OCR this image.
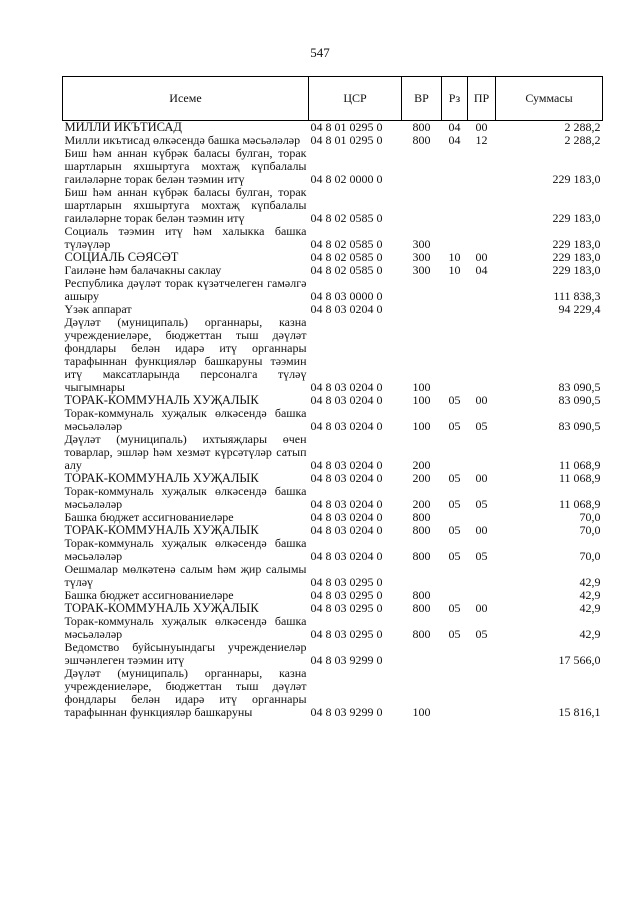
547
Исеме	ЦСР	ВР	Рз	ПР	Суммасы
МИЛЛИ ИКЪТИСАД	04 8 01 0295 0	800	04	00	2 288,2
Милли икътисад өлкәсендә башка мәсьәләләр	04 8 01 0295 0	800	04	12	2 288,2
Биш һәм аннан күбрәк баласы булган, торак шартларын яхшыртуга мохтаҗ күпбалалы гаиләләрне торак белән тәэмин итү	04 8 02 0000 0				229 183,0
Биш һәм аннан күбрәк баласы булган, торак шартларын яхшыртуга мохтаҗ күпбалалы гаиләләрне торак белән тәэмин итү	04 8 02 0585 0				229 183,0
Социаль тәэмин итү һәм халыкка башка түләүләр	04 8 02 0585 0	300			229 183,0
СОЦИАЛЬ СӘЯСӘТ	04 8 02 0585 0	300	10	00	229 183,0
Гаиләне һәм балачакны саклау	04 8 02 0585 0	300	10	04	229 183,0
Республика дәүләт торак күзәтчелеген гамәлгә ашыру	04 8 03 0000 0				111 838,3
Үзәк аппарат	04 8 03 0204 0				94 229,4
Дәүләт (муниципаль) органнары, казна учреждениеләре, бюджеттан тыш дәүләт фондлары белән идарә итү органнары тарафыннан функцияләр башкаруны тәэмин итү максатларында персоналга түләү чыгымнары	04 8 03 0204 0	100			83 090,5
ТОРАК-КОММУНАЛЬ ХУҖАЛЫК	04 8 03 0204 0	100	05	00	83 090,5
Торак-коммуналь хуҗалык өлкәсендә башка мәсьәләләр	04 8 03 0204 0	100	05	05	83 090,5
Дәүләт (муниципаль) ихтыяҗлары өчен товарлар, эшләр һәм хезмәт күрсәтүләр сатып алу	04 8 03 0204 0	200			11 068,9
ТОРАК-КОММУНАЛЬ ХУҖАЛЫК	04 8 03 0204 0	200	05	00	11 068,9
Торак-коммуналь хуҗалык өлкәсендә башка мәсьәләләр	04 8 03 0204 0	200	05	05	11 068,9
Башка бюджет ассигнованиеләре	04 8 03 0204 0	800			70,0
ТОРАК-КОММУНАЛЬ ХУҖАЛЫК	04 8 03 0204 0	800	05	00	70,0
Торак-коммуналь хуҗалык өлкәсендә башка мәсьәләләр	04 8 03 0204 0	800	05	05	70,0
Оешмалар мөлкәтенә салым һәм җир салымы түләү	04 8 03 0295 0				42,9
Башка бюджет ассигнованиеләре	04 8 03 0295 0	800			42,9
ТОРАК-КОММУНАЛЬ ХУҖАЛЫК	04 8 03 0295 0	800	05	00	42,9
Торак-коммуналь хуҗалык өлкәсендә башка мәсьәләләр	04 8 03 0295 0	800	05	05	42,9
Ведомство буйсынуындагы учреждениеләр эшчәнлеген тәэмин итү	04 8 03 9299 0				17 566,0
Дәүләт (муниципаль) органнары, казна учреждениеләре, бюджеттан тыш дәүләт фондлары белән идарә итү органнары тарафыннан функцияләр башкаруны	04 8 03 9299 0	100			15 816,1
